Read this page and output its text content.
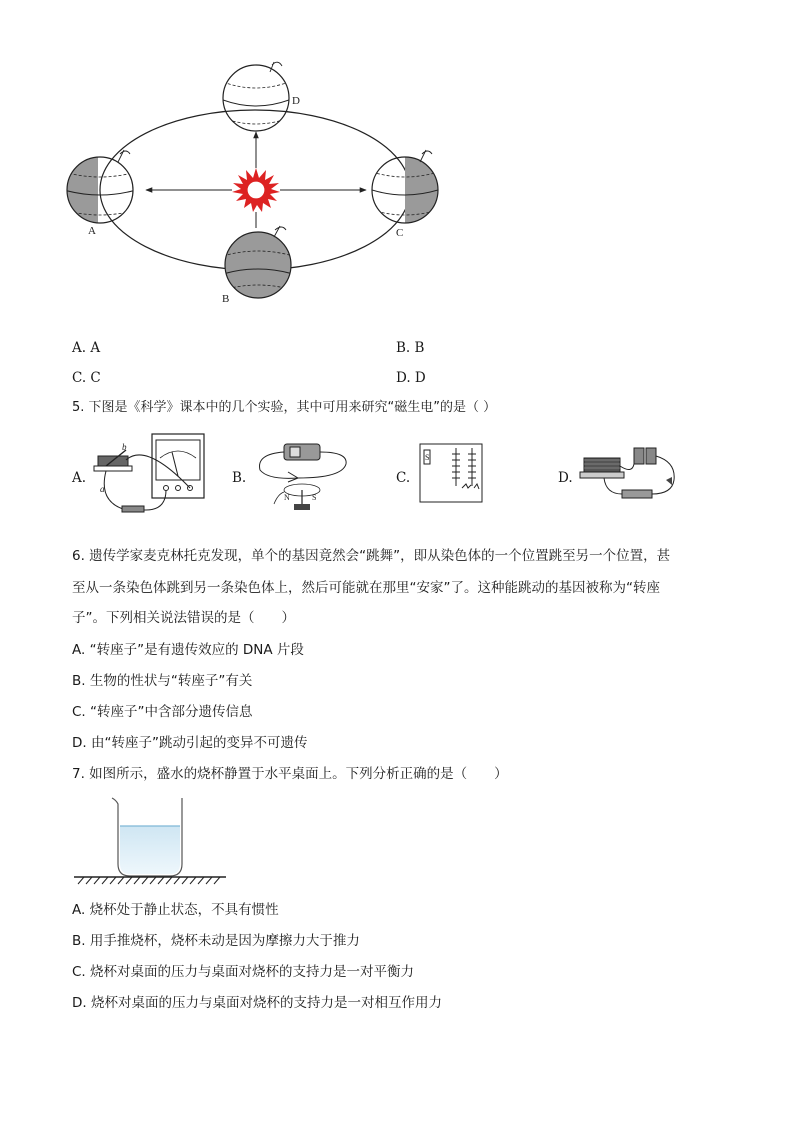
A
B
C
D
A. A	B. B
C. C	D. D
5. 下图是《科学》课本中的几个实验，其中可用来研究“磁生电”的是（ ）
A.
b
a
B.
N	S
C.
S
D.
6. 遗传学家麦克林托克发现，单个的基因竟然会“跳舞”，即从染色体的一个位置跳至另一个位置，甚
至从一条染色体跳到另一条染色体上，然后可能就在那里“安家”了。这种能跳动的基因被称为“转座
子”。下列相关说法错误的是（　　）
A. “转座子”是有遗传效应的 DNA 片段
B. 生物的性状与“转座子”有关
C. “转座子”中含部分遗传信息
D. 由“转座子”跳动引起的变异不可遗传
7. 如图所示，盛水的烧杯静置于水平桌面上。下列分析正确的是（　　）
A. 烧杯处于静止状态，不具有惯性
B. 用手推烧杯，烧杯未动是因为摩擦力大于推力
C. 烧杯对桌面的压力与桌面对烧杯的支持力是一对平衡力
D. 烧杯对桌面的压力与桌面对烧杯的支持力是一对相互作用力
